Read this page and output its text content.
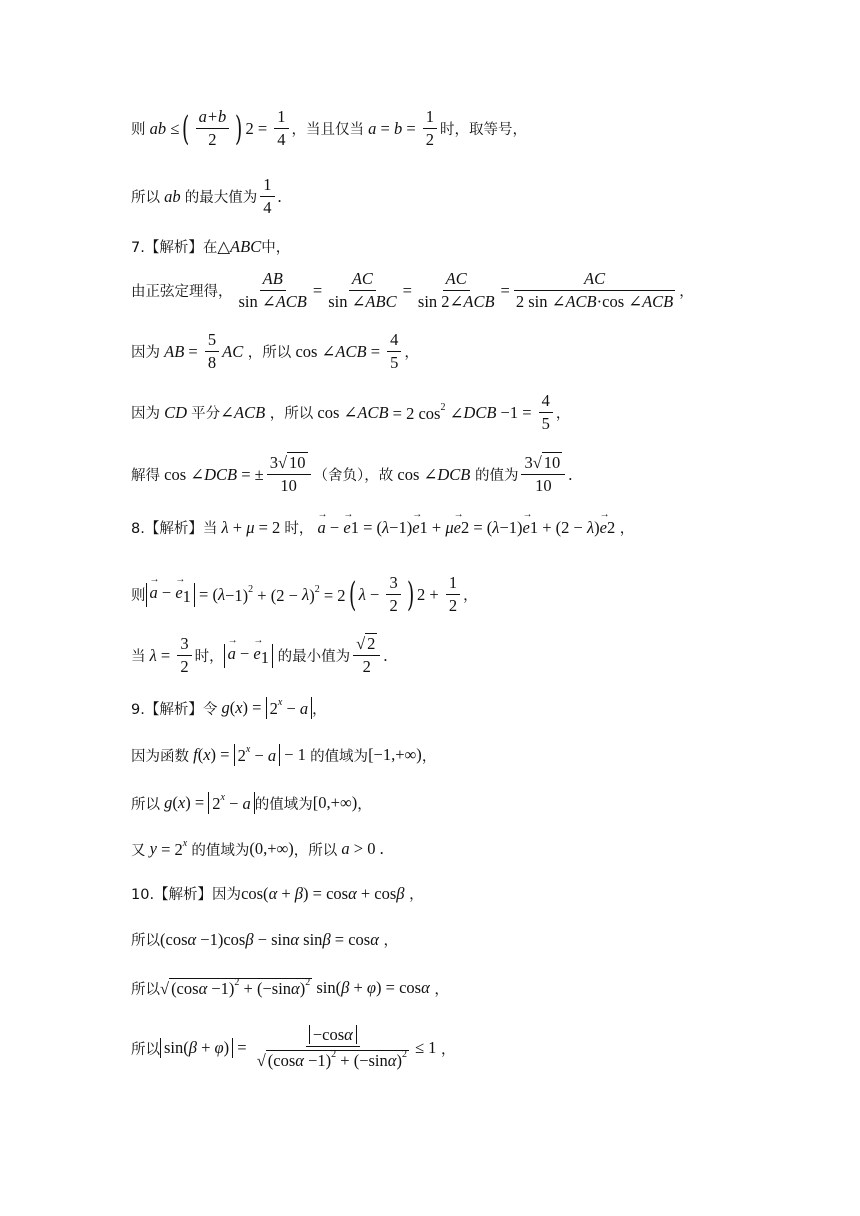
则 ab ≤ ( $\frac{a+b}{2}$ ) $2 = \frac{1}{4}$ ，当且仅当 $a = b = \frac{1}{2}$ 时，取等号，
所以 ab 的最大值为 $\frac{1}{4}$ .
7.【解析】在 △ ABC 中，
由正弦定理得， $\frac{AB}{\text{sin ∠ACB}} = \frac{AC}{\text{sin ∠ABC}} = \frac{AC}{\text{sin 2∠ACB}} = \frac{AC}{\text{2 sin ∠ACB·cos ∠ACB}}$ ，
因为 AB = $\frac{5}{8}$ AC ，所以 cos ∠ ACB = $\frac{4}{5}$ ，
因为 CD 平分 ∠ ACB ，所以 cos ∠ ACB = 2 $\cos^2$ ∠ DCB $-1 = \frac{4}{5}$ ，
解得 cos ∠ DCB = ± $\frac{3√ 10}{10}$ （舍负），故 cos ∠ DCB 的值为 $\frac{3√ 10}{10}$ .
8.【解析】当 λ + μ = 2 时， → a − → e 1 = ( λ −1) → e 1 + μ→ e 2 = ( λ −1) → e 1 + (2 − λ ) → e 2 ，
则 → a − → $e_1$ = ( λ −1)$^2$ + (2 − λ )$^2$ = 2 ( $\lambda - \frac{3}{2}$ ) $2 + \frac{1}{2}$ ，
当 $\lambda = \frac{3}{2}$ 时， → a − → $e_1$ 的最小值为 $\frac{√ 2}{2}$ .
9.【解析】令 g ( x ) = $2^x - a$ ，
因为函数 f ( x ) = $2^x - a - 1$ 的值域为 [−1,+∞) ，
所以 g ( x ) = $2^x - a$ 的值域为 [0,+∞) ，
又 $y = 2^x$ 的值域为 (0,+∞) ，所以 a > 0 .
10.【解析】因为 cos( α + β ) = cos α + cos β ，
所以 (cos α −1)cos β − sin α sin β = cos α ，
所以 √ $(\cos\alpha -1)^2 + (-\sin\alpha)^2$ sin( β + φ ) = cos α ，
所以 $\sin(\beta + \varphi) = \frac{-\cos\alpha}{√ (\cos\alpha -1)^2 + (-\sin\alpha)^2} \le 1$ ，
